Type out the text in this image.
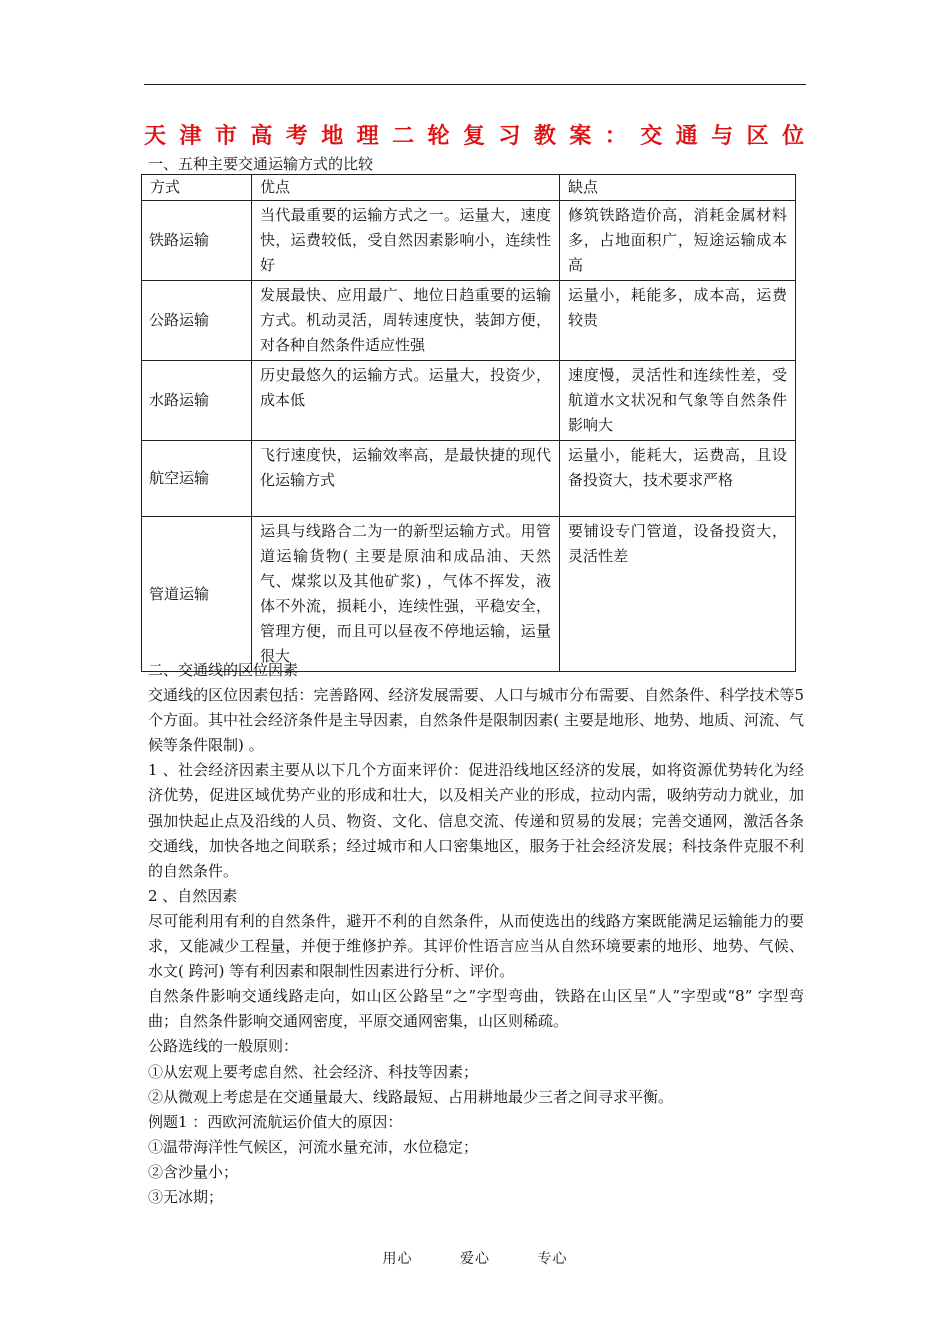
天津市高考地理二轮复习教案：交通与区位
一、五种主要交通运输方式的比较
方式	优点	缺点
铁路运输	当代最重要的运输方式之一。运量大，速度快，运费较低，受自然因素影响小，连续性好	修筑铁路造价高，消耗金属材料多，占地面积广，短途运输成本高
公路运输	发展最快、应用最广、地位日趋重要的运输方式。机动灵活，周转速度快，装卸方便，对各种自然条件适应性强	运量小，耗能多，成本高，运费较贵
水路运输	历史最悠久的运输方式。运量大，投资少，成本低	速度慢，灵活性和连续性差，受航道水文状况和气象等自然条件影响大
航空运输	飞行速度快，运输效率高，是最快捷的现代化运输方式	运量小，能耗大，运费高，且设备投资大，技术要求严格
管道运输	运具与线路合二为一的新型运输方式。用管道运输货物( 主要是原油和成品油、天然气、煤浆以及其他矿浆) ，气体不挥发，液体不外流，损耗小，连续性强，平稳安全，管理方便，而且可以昼夜不停地运输，运量很大	要铺设专门管道，设备投资大，灵活性差

二、交通线的区位因素

交通线的区位因素包括：完善路网、经济发展需要、人口与城市分布需要、自然条件、科学技术等5 个方面。其中社会经济条件是主导因素，自然条件是限制因素( 主要是地形、地势、地质、河流、气候等条件限制) 。

1 、社会经济因素主要从以下几个方面来评价：促进沿线地区经济的发展，如将资源优势转化为经济优势，促进区域优势产业的形成和壮大，以及相关产业的形成，拉动内需，吸纳劳动力就业，加强加快起止点及沿线的人员、物资、文化、信息交流、传递和贸易的发展；完善交通网，激活各条交通线，加快各地之间联系；经过城市和人口密集地区，服务于社会经济发展；科技条件克服不利的自然条件。

2 、自然因素

尽可能利用有利的自然条件，避开不利的自然条件，从而使选出的线路方案既能满足运输能力的要求，又能减少工程量，并便于维修护养。其评价性语言应当从自然环境要素的地形、地势、气候、水文( 跨河) 等有利因素和限制性因素进行分析、评价。

自然条件影响交通线路走向，如山区公路呈“之”字型弯曲，铁路在山区呈“人”字型或“8” 字型弯曲；自然条件影响交通网密度，平原交通网密集，山区则稀疏。

公路选线的一般原则：

①从宏观上要考虑自然、社会经济、科技等因素；

②从微观上考虑是在交通量最大、线路最短、占用耕地最少三者之间寻求平衡。

例题1 ：西欧河流航运价值大的原因：

①温带海洋性气候区，河流水量充沛，水位稳定；

②含沙量小；

③无冰期；

用心	爱心	专心
